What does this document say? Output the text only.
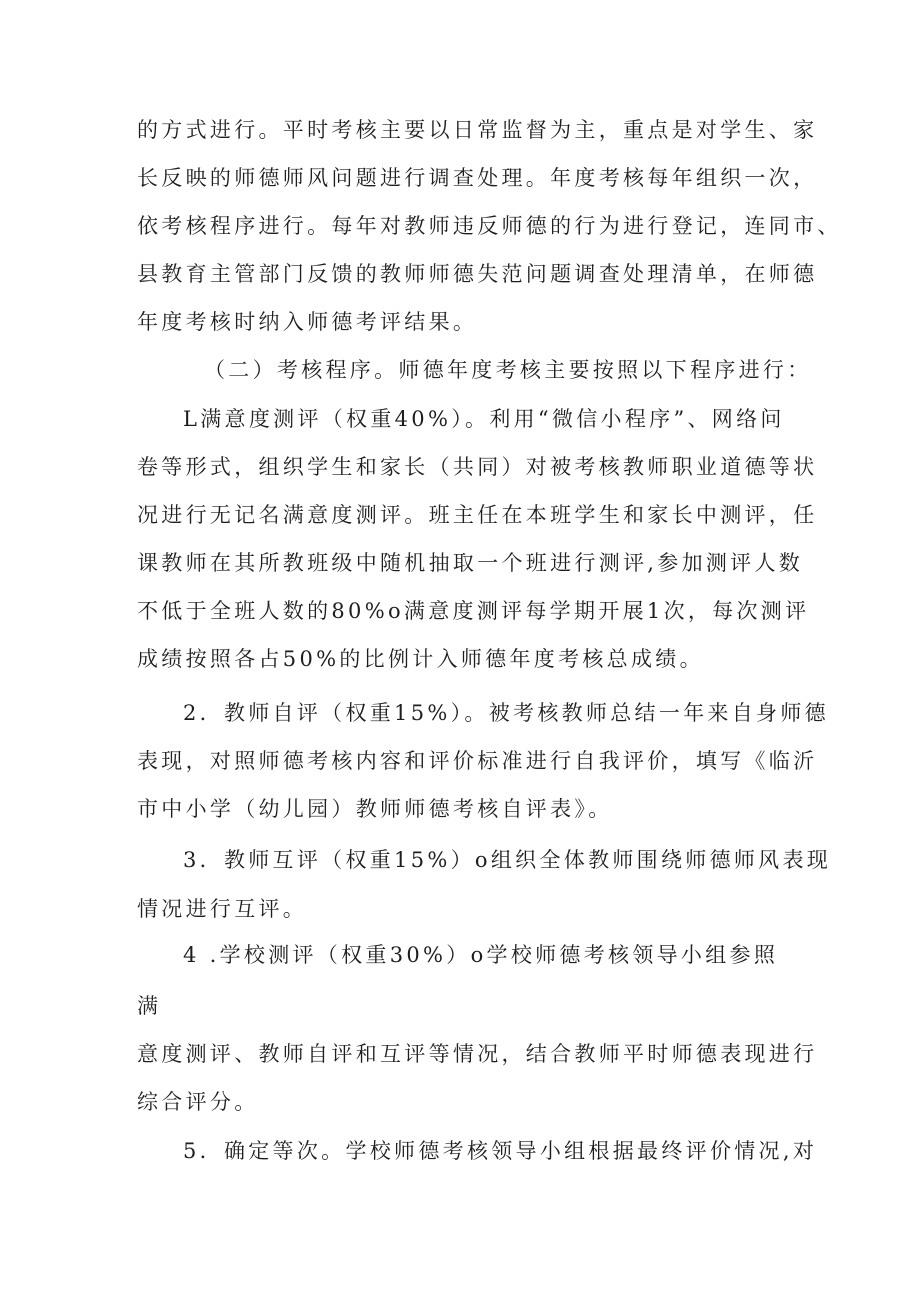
的方式进行。平时考核主要以日常监督为主，重点是对学生、家
长反映的师德师风问题进行调查处理。年度考核每年组织一次，
依考核程序进行。每年对教师违反师德的行为进行登记，连同市、
县教育主管部门反馈的教师师德失范问题调查处理清单，在师德
年度考核时纳入师德考评结果。
（二）考核程序。师德年度考核主要按照以下程序进行：
L满意度测评（权重40%）。利用“微信小程序”、网络问
卷等形式，组织学生和家长（共同）对被考核教师职业道德等状
况进行无记名满意度测评。班主任在本班学生和家长中测评，任
课教师在其所教班级中随机抽取一个班进行测评,参加测评人数
不低于全班人数的80%o满意度测评每学期开展1次，每次测评
成绩按照各占50%的比例计入师德年度考核总成绩。
2．教师自评（权重15%）。被考核教师总结一年来自身师德
表现，对照师德考核内容和评价标准进行自我评价，填写《临沂
市中小学（幼儿园）教师师德考核自评表》。
3．教师互评（权重15%）o组织全体教师围绕师德师风表现
情况进行互评。
4 .学校测评（权重30%）o学校师德考核领导小组参照
满
意度测评、教师自评和互评等情况，结合教师平时师德表现进行
综合评分。
5．确定等次。学校师德考核领导小组根据最终评价情况,对
